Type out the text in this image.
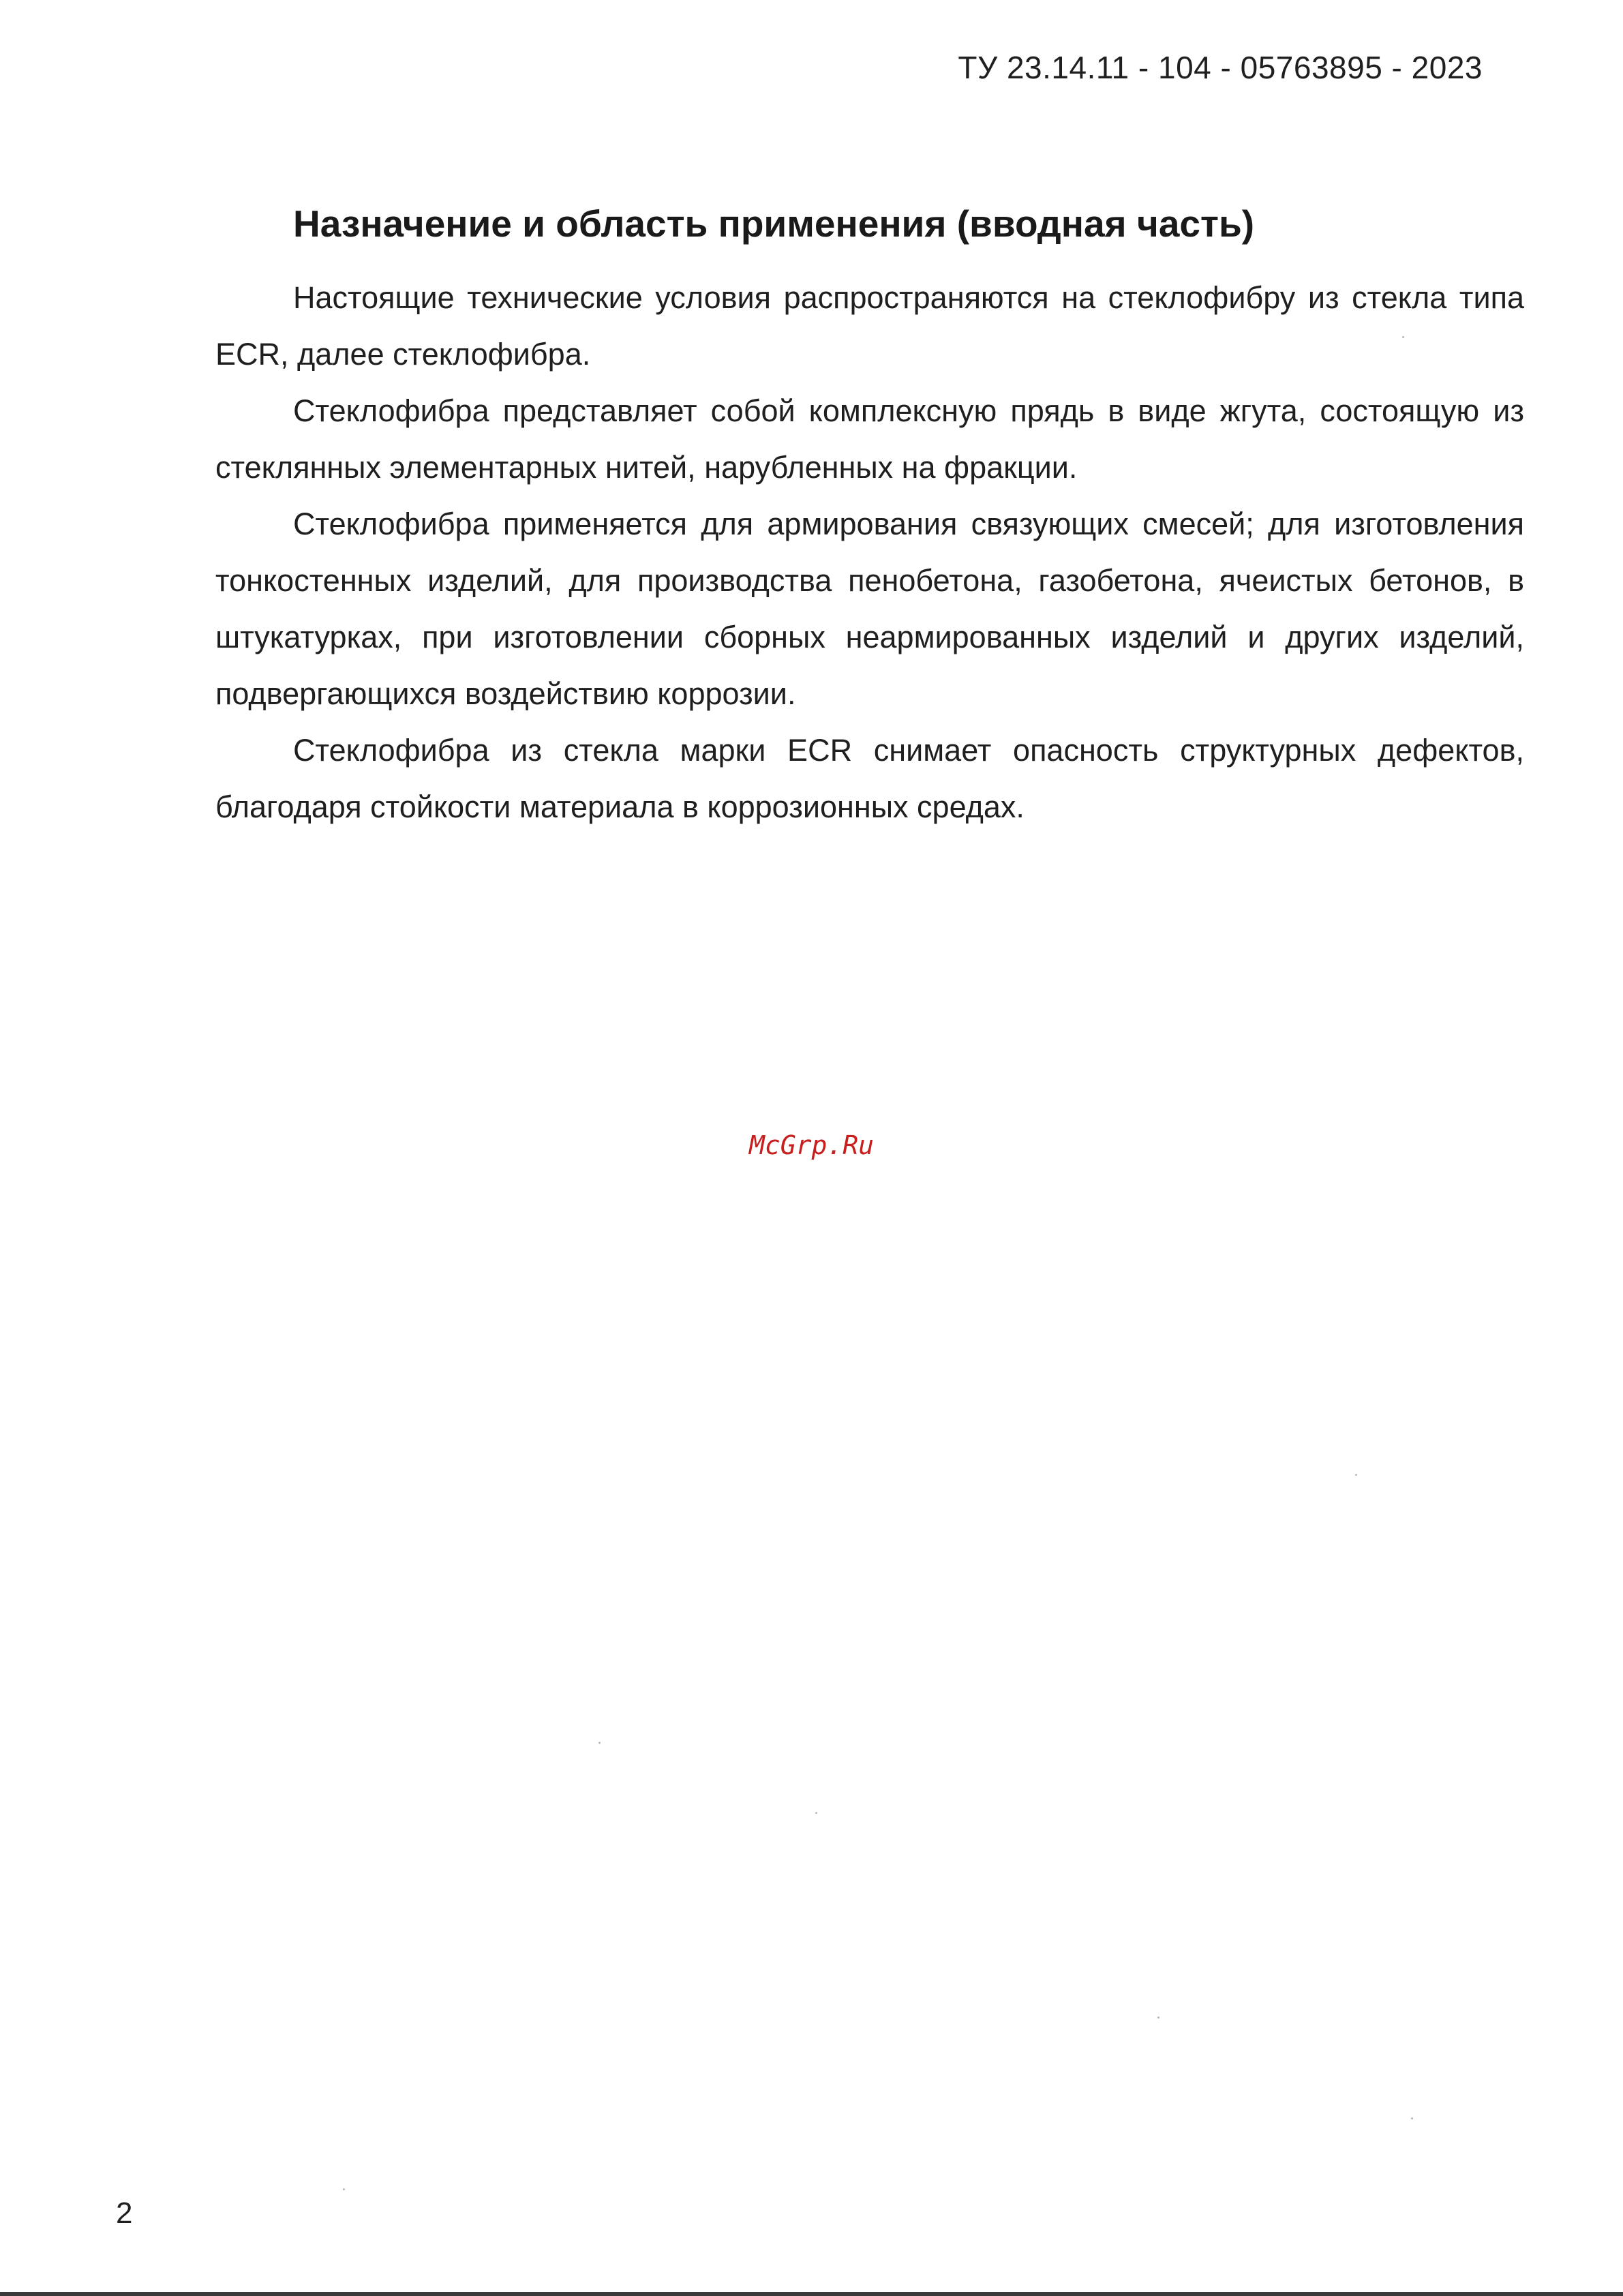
ТУ 23.14.11 - 104 - 05763895 - 2023
Назначение и область применения (вводная часть)

Настоящие технические условия распространяются на стеклофибру из стекла типа ECR, далее стеклофибра.

Стеклофибра представляет собой комплексную прядь в виде жгута, состоящую из стеклянных элементарных нитей, нарубленных на фракции.

Стеклофибра применяется для армирования связующих смесей; для изготовления тонкостенных изделий, для производства пенобетона, газобетона, ячеистых бетонов, в штукатурках, при изготовлении сборных неармированных изделий и других изделий, подвергающихся воздействию коррозии.

Стеклофибра из стекла марки ECR снимает опасность структурных дефектов, благодаря стойкости материала в коррозионных средах.

McGrp.Ru
2
